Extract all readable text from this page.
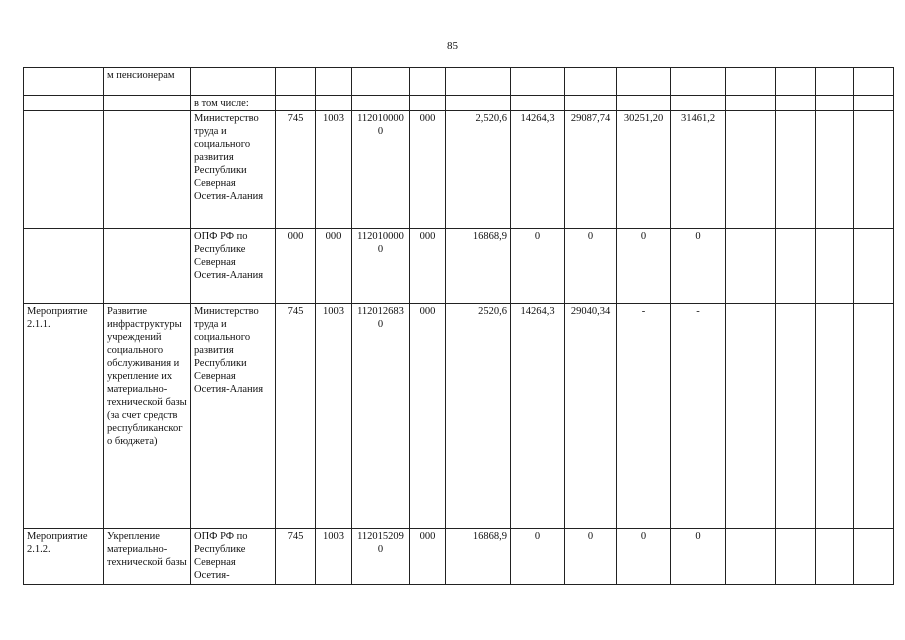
85
	м пенсионерам														
		в том числе:													
		Министерство труда и социального развития Республики Северная Осетия-Алания	745	1003	1120100000	000	2,520,6	14264,3	29087,74	30251,20	31461,2				
		ОПФ РФ по Республике Северная Осетия-Алания	000	000	1120100000	000	16868,9	0	0	0	0				
Мероприятие 2.1.1.	Развитие инфраструктуры учреждений социального обслуживания и укрепление их материально-технической базы (за счет средств республиканского бюджета)	Министерство труда и социального развития Республики Северная Осетия-Алания	745	1003	1120126830	000	2520,6	14264,3	29040,34	-	-				
Мероприятие 2.1.2.	Укрепление материально-технической базы	ОПФ РФ по Республике Северная Осетия-	745	1003	1120152090	000	16868,9	0	0	0	0				
